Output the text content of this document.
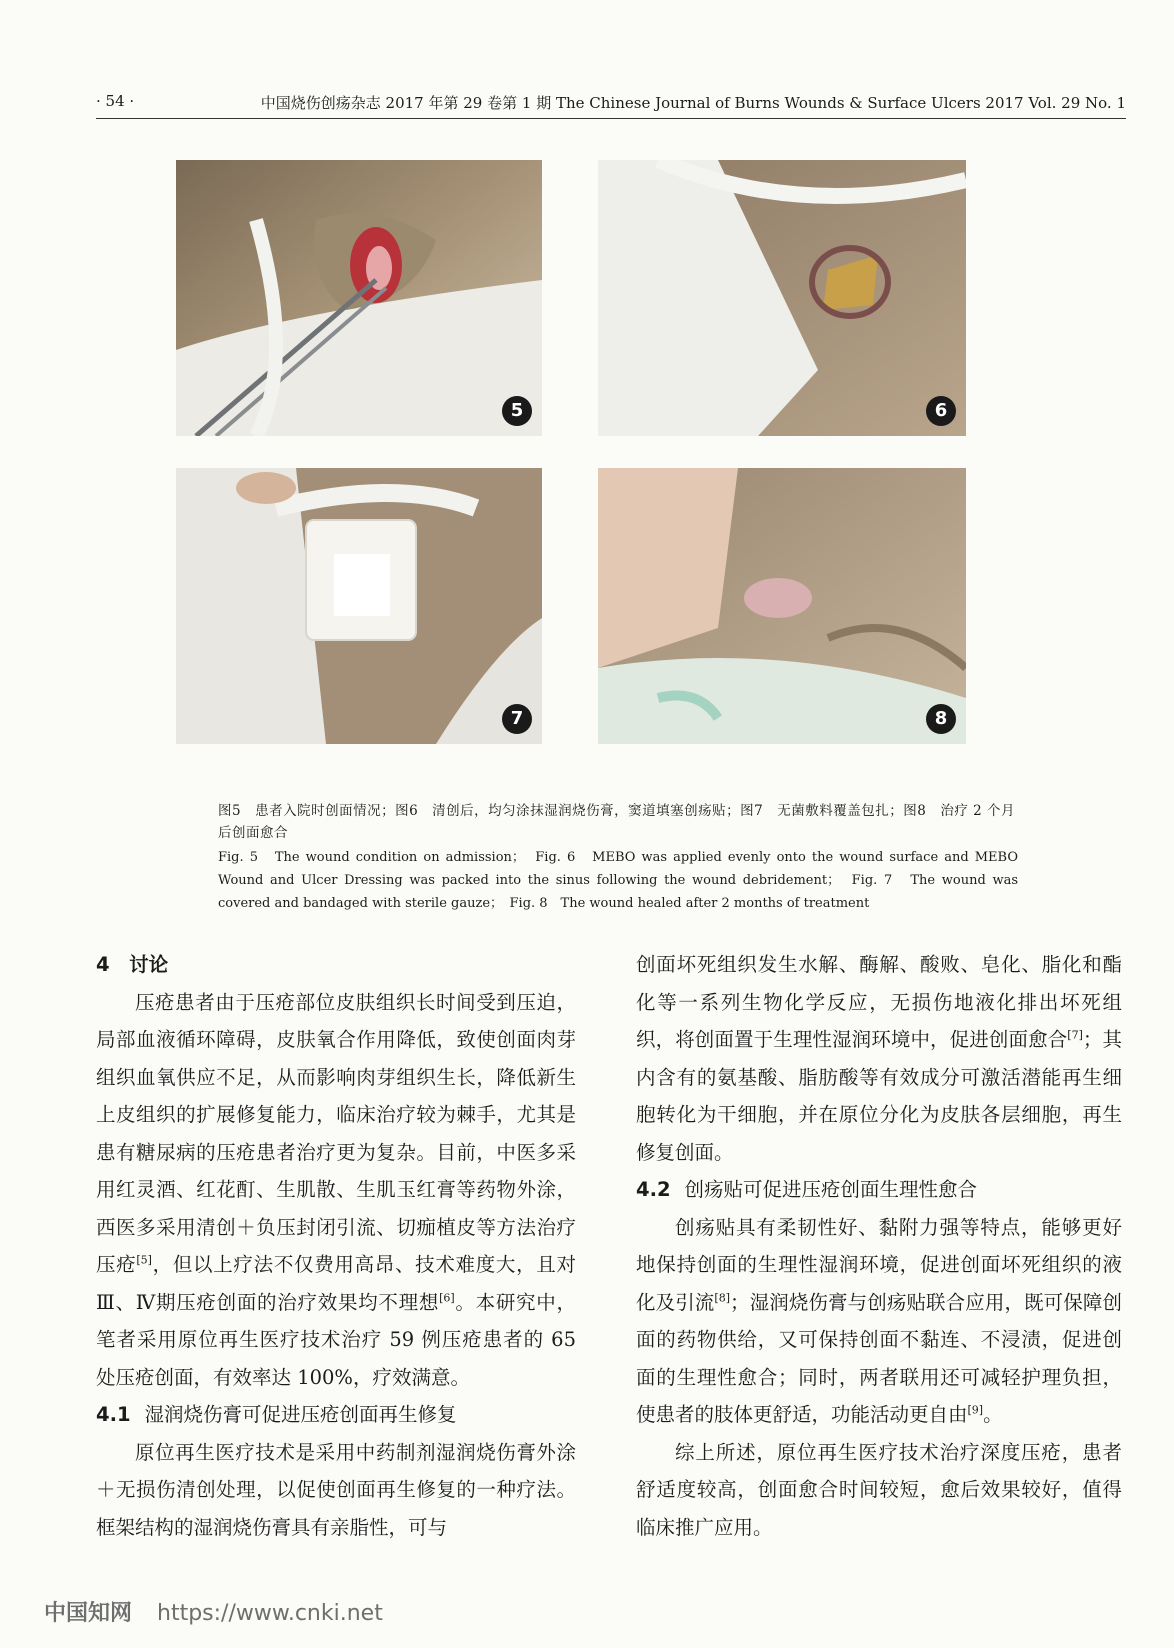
· 54 ·	中国烧伤创疡杂志 2017 年第 29 卷第 1 期 The Chinese Journal of Burns Wounds & Surface Ulcers 2017 Vol. 29 No. 1
5	6
7	8

图5　患者入院时创面情况；图6　清创后，均匀涂抹湿润烧伤膏，窦道填塞创疡贴；图7　无菌敷料覆盖包扎；图8　治疗 2 个月后创面愈合

Fig. 5　The wound condition on admission；　Fig. 6　MEBO was applied evenly onto the wound surface and MEBO Wound and Ulcer Dressing was packed into the sinus following the wound debridement；　Fig. 7　The wound was covered and bandaged with sterile gauze；　Fig. 8　The wound healed after 2 months of treatment

4　讨论

压疮患者由于压疮部位皮肤组织长时间受到压迫，局部血液循环障碍，皮肤氧合作用降低，致使创面肉芽组织血氧供应不足，从而影响肉芽组织生长，降低新生上皮组织的扩展修复能力，临床治疗较为棘手，尤其是患有糖尿病的压疮患者治疗更为复杂。目前，中医多采用红灵酒、红花酊、生肌散、生肌玉红膏等药物外涂，西医多采用清创＋负压封闭引流、切痂植皮等方法治疗压疮[5]，但以上疗法不仅费用高昂、技术难度大，且对Ⅲ、Ⅳ期压疮创面的治疗效果均不理想[6]。本研究中，笔者采用原位再生医疗技术治疗 59 例压疮患者的 65 处压疮创面，有效率达 100%，疗效满意。

4.1 湿润烧伤膏可促进压疮创面再生修复

原位再生医疗技术是采用中药制剂湿润烧伤膏外涂＋无损伤清创处理，以促使创面再生修复的一种疗法。框架结构的湿润烧伤膏具有亲脂性，可与

创面坏死组织发生水解、酶解、酸败、皂化、脂化和酯化等一系列生物化学反应，无损伤地液化排出坏死组织，将创面置于生理性湿润环境中，促进创面愈合[7]；其内含有的氨基酸、脂肪酸等有效成分可激活潜能再生细胞转化为干细胞，并在原位分化为皮肤各层细胞，再生修复创面。

4.2 创疡贴可促进压疮创面生理性愈合

创疡贴具有柔韧性好、黏附力强等特点，能够更好地保持创面的生理性湿润环境，促进创面坏死组织的液化及引流[8]；湿润烧伤膏与创疡贴联合应用，既可保障创面的药物供给，又可保持创面不黏连、不浸渍，促进创面的生理性愈合；同时，两者联用还可减轻护理负担，使患者的肢体更舒适，功能活动更自由[9]。

综上所述，原位再生医疗技术治疗深度压疮，患者舒适度较高，创面愈合时间较短，愈后效果较好，值得临床推广应用。

中国知网 https://www.cnki.net
